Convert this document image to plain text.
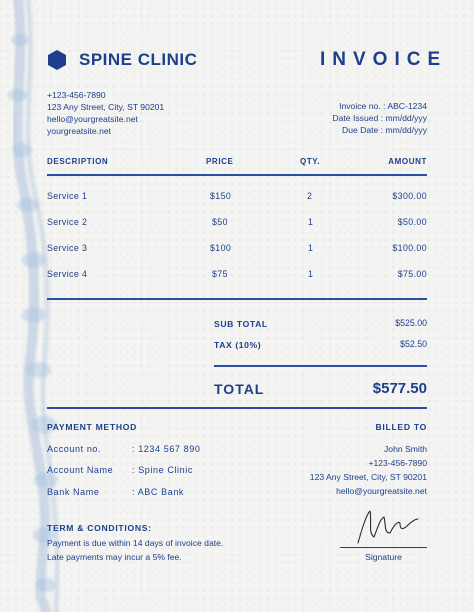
SPINE CLINIC	INVOICE
+123-456-7890
123 Any Street, City, ST 90201
hello@yourgreatsite.net
yourgreatsite.net
Invoice no. : ABC-1234
Date Issued : mm/dd/yyy
Due Date : mm/dd/yyy
DESCRIPTION	PRICE	QTY.	AMOUNT
Service 1	$150	2	$300.00
Service 2	$50	1	$50.00
Service 3	$100	1	$100.00
Service 4	$75	1	$75.00
SUB TOTAL	$525.00
TAX (10%)	$52.50
TOTAL	$577.50
PAYMENT METHOD
Account no.	: 1234 567 890
Account Name : Spine Clinic
Bank Name	: ABC Bank
BILLED TO
John Smith
+123-456-7890
123 Any Street, City, ST 90201
hello@yourgreatsite.net
TERM & CONDITIONS:
Payment is due within 14 days of invoice date.
Late payments may incur a 5% fee.	Signature
